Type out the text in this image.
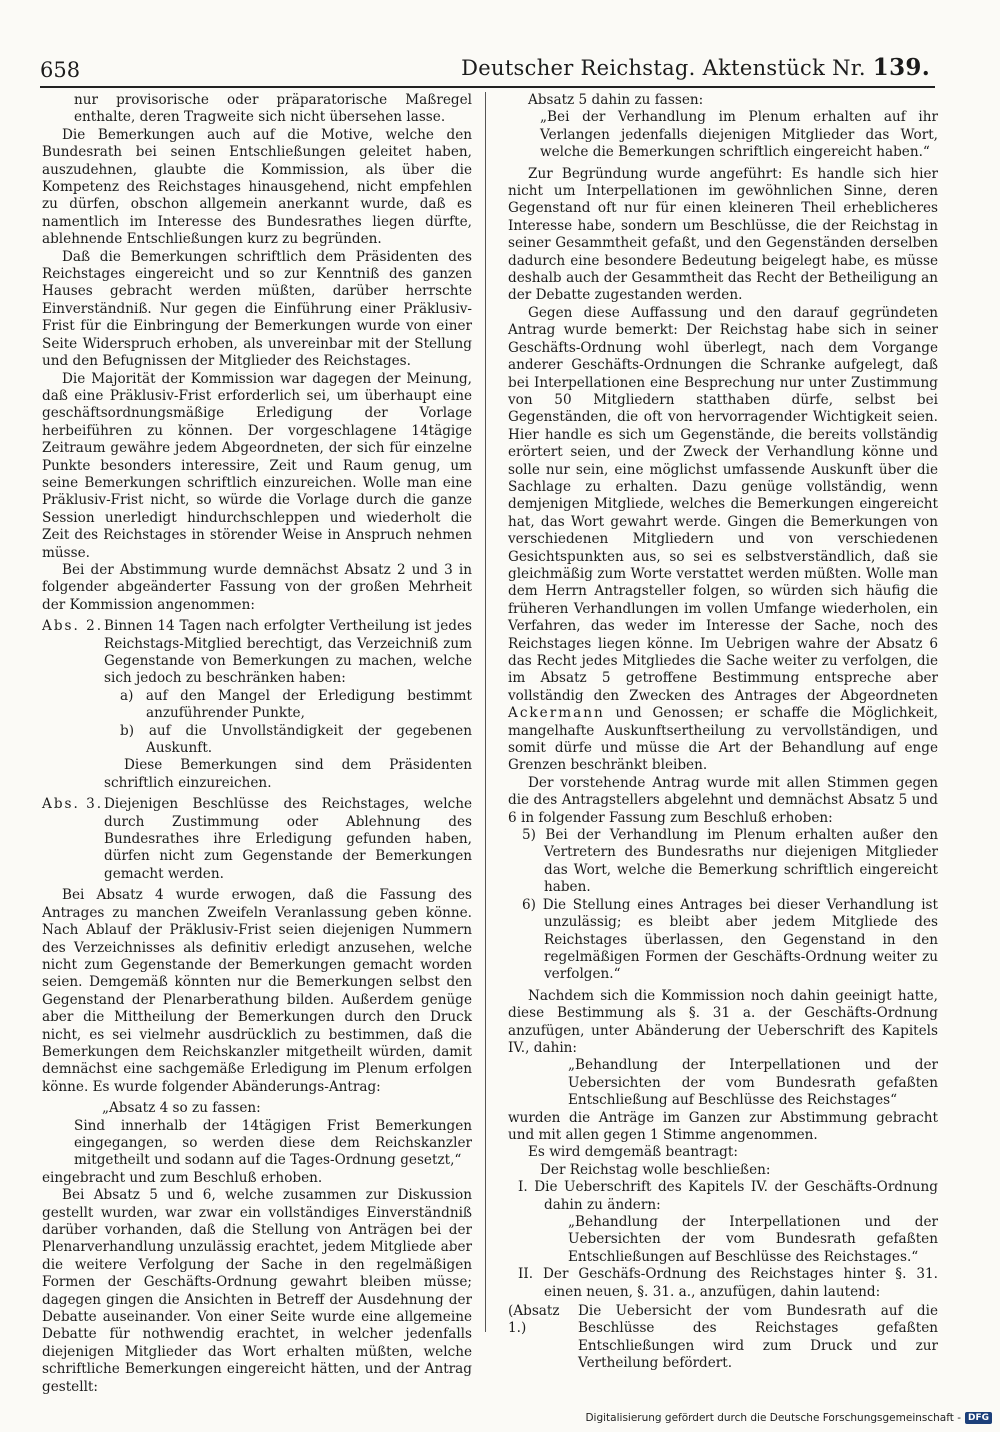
658	Deutscher Reichstag. Aktenstück Nr. 139.

nur provisorische oder präparatorische Maßregel enthalte, deren Tragweite sich nicht übersehen lasse.

Die Bemerkungen auch auf die Motive, welche den Bundesrath bei seinen Entschließungen geleitet haben, auszudehnen, glaubte die Kommission, als über die Kompetenz des Reichstages hinausgehend, nicht empfehlen zu dürfen, obschon allgemein anerkannt wurde, daß es namentlich im Interesse des Bundesrathes liegen dürfte, ablehnende Entschließungen kurz zu begründen.

Daß die Bemerkungen schriftlich dem Präsidenten des Reichstages eingereicht und so zur Kenntniß des ganzen Hauses gebracht werden müßten, darüber herrschte Einverständniß. Nur gegen die Einführung einer Präklusiv-Frist für die Einbringung der Bemerkungen wurde von einer Seite Widerspruch erhoben, als unvereinbar mit der Stellung und den Befugnissen der Mitglieder des Reichstages.

Die Majorität der Kommission war dagegen der Meinung, daß eine Präklusiv-Frist erforderlich sei, um überhaupt eine geschäftsordnungsmäßige Erledigung der Vorlage herbeiführen zu können. Der vorgeschlagene 14tägige Zeitraum gewähre jedem Abgeordneten, der sich für einzelne Punkte besonders interessire, Zeit und Raum genug, um seine Bemerkungen schriftlich einzureichen. Wolle man eine Präklusiv-Frist nicht, so würde die Vorlage durch die ganze Session unerledigt hindurchschleppen und wiederholt die Zeit des Reichstages in störender Weise in Anspruch nehmen müsse.

Bei der Abstimmung wurde demnächst Absatz 2 und 3 in folgender abgeänderter Fassung von der großen Mehrheit der Kommission angenommen:

Abs. 2. Binnen 14 Tagen nach erfolgter Vertheilung ist jedes Reichstags-Mitglied berechtigt, das Verzeichniß zum Gegenstande von Bemerkungen zu machen, welche sich jedoch zu beschränken haben:

a) auf den Mangel der Erledigung bestimmt anzuführender Punkte,

b) auf die Unvollständigkeit der gegebenen Auskunft.

Diese Bemerkungen sind dem Präsidenten schriftlich einzureichen.

Abs. 3. Diejenigen Beschlüsse des Reichstages, welche durch Zustimmung oder Ablehnung des Bundesrathes ihre Erledigung gefunden haben, dürfen nicht zum Gegenstande der Bemerkungen gemacht werden.

Bei Absatz 4 wurde erwogen, daß die Fassung des Antrages zu manchen Zweifeln Veranlassung geben könne. Nach Ablauf der Präklusiv-Frist seien diejenigen Nummern des Verzeichnisses als definitiv erledigt anzusehen, welche nicht zum Gegenstande der Bemerkungen gemacht worden seien. Demgemäß könnten nur die Bemerkungen selbst den Gegenstand der Plenarberathung bilden. Außerdem genüge aber die Mittheilung der Bemerkungen durch den Druck nicht, es sei vielmehr ausdrücklich zu bestimmen, daß die Bemerkungen dem Reichskanzler mitgetheilt würden, damit demnächst eine sachgemäße Erledigung im Plenum erfolgen könne. Es wurde folgender Abänderungs-Antrag:

„Absatz 4 so zu fassen:

Sind innerhalb der 14tägigen Frist Bemerkungen eingegangen, so werden diese dem Reichskanzler mitgetheilt und sodann auf die Tages-Ordnung gesetzt,“

eingebracht und zum Beschluß erhoben.

Bei Absatz 5 und 6, welche zusammen zur Diskussion gestellt wurden, war zwar ein vollständiges Einverständniß darüber vorhanden, daß die Stellung von Anträgen bei der Plenarverhandlung unzulässig erachtet, jedem Mitgliede aber die weitere Verfolgung der Sache in den regelmäßigen Formen der Geschäfts-Ordnung gewahrt bleiben müsse; dagegen gingen die Ansichten in Betreff der Ausdehnung der Debatte auseinander. Von einer Seite wurde eine allgemeine Debatte für nothwendig erachtet, in welcher jedenfalls diejenigen Mitglieder das Wort erhalten müßten, welche schriftliche Bemerkungen eingereicht hätten, und der Antrag gestellt:

Absatz 5 dahin zu fassen:

„Bei der Verhandlung im Plenum erhalten auf ihr Verlangen jedenfalls diejenigen Mitglieder das Wort, welche die Bemerkungen schriftlich eingereicht haben.“

Zur Begründung wurde angeführt: Es handle sich hier nicht um Interpellationen im gewöhnlichen Sinne, deren Gegenstand oft nur für einen kleineren Theil erheblicheres Interesse habe, sondern um Beschlüsse, die der Reichstag in seiner Gesammtheit gefaßt, und den Gegenständen derselben dadurch eine besondere Bedeutung beigelegt habe, es müsse deshalb auch der Gesammtheit das Recht der Betheiligung an der Debatte zugestanden werden.

Gegen diese Auffassung und den darauf gegründeten Antrag wurde bemerkt: Der Reichstag habe sich in seiner Geschäfts-Ordnung wohl überlegt, nach dem Vorgange anderer Geschäfts-Ordnungen die Schranke aufgelegt, daß bei Interpellationen eine Besprechung nur unter Zustimmung von 50 Mitgliedern statthaben dürfe, selbst bei Gegenständen, die oft von hervorragender Wichtigkeit seien. Hier handle es sich um Gegenstände, die bereits vollständig erörtert seien, und der Zweck der Verhandlung könne und solle nur sein, eine möglichst umfassende Auskunft über die Sachlage zu erhalten. Dazu genüge vollständig, wenn demjenigen Mitgliede, welches die Bemerkungen eingereicht hat, das Wort gewahrt werde. Gingen die Bemerkungen von verschiedenen Mitgliedern und von verschiedenen Gesichtspunkten aus, so sei es selbstverständlich, daß sie gleichmäßig zum Worte verstattet werden müßten. Wolle man dem Herrn Antragsteller folgen, so würden sich häufig die früheren Verhandlungen im vollen Umfange wiederholen, ein Verfahren, das weder im Interesse der Sache, noch des Reichstages liegen könne. Im Uebrigen wahre der Absatz 6 das Recht jedes Mitgliedes die Sache weiter zu verfolgen, die im Absatz 5 getroffene Bestimmung entspreche aber vollständig den Zwecken des Antrages der Abgeordneten Ackermann und Genossen; er schaffe die Möglichkeit, mangelhafte Auskunftsertheilung zu vervollständigen, und somit dürfe und müsse die Art der Behandlung auf enge Grenzen beschränkt bleiben.

Der vorstehende Antrag wurde mit allen Stimmen gegen die des Antragstellers abgelehnt und demnächst Absatz 5 und 6 in folgender Fassung zum Beschluß erhoben:

5) Bei der Verhandlung im Plenum erhalten außer den Vertretern des Bundesraths nur diejenigen Mitglieder das Wort, welche die Bemerkung schriftlich eingereicht haben.

6) Die Stellung eines Antrages bei dieser Verhandlung ist unzulässig; es bleibt aber jedem Mitgliede des Reichstages überlassen, den Gegenstand in den regelmäßigen Formen der Geschäfts-Ordnung weiter zu verfolgen.“

Nachdem sich die Kommission noch dahin geeinigt hatte, diese Bestimmung als §. 31 a. der Geschäfts-Ordnung anzufügen, unter Abänderung der Ueberschrift des Kapitels IV., dahin:

„Behandlung der Interpellationen und der Uebersichten der vom Bundesrath gefaßten Entschließung auf Beschlüsse des Reichstages“

wurden die Anträge im Ganzen zur Abstimmung gebracht und mit allen gegen 1 Stimme angenommen.

Es wird demgemäß beantragt:

Der Reichstag wolle beschließen:

I. Die Ueberschrift des Kapitels IV. der Geschäfts-Ordnung dahin zu ändern:

„Behandlung der Interpellationen und der Uebersichten der vom Bundesrath gefaßten Entschließungen auf Beschlüsse des Reichstages.“

II. Der Geschäfs-Ordnung des Reichstages hinter §. 31. einen neuen, §. 31. a., anzufügen, dahin lautend:

(Absatz 1.)
Die Uebersicht der vom Bundesrath auf die Beschlüsse des Reichstages gefaßten Entschließungen wird zum Druck und zur Vertheilung befördert.
Digitalisierung gefördert durch die Deutsche Forschungsgemeinschaft - DFG
